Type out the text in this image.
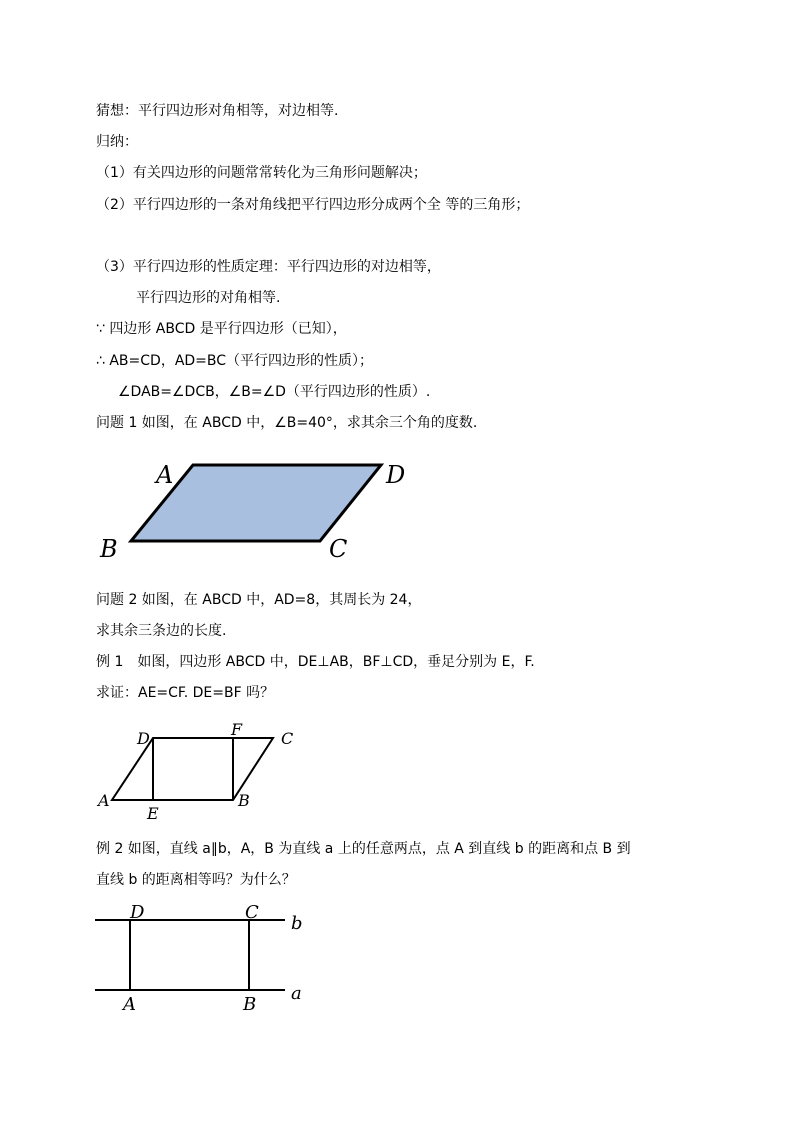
猜想：平行四边形对角相等，对边相等.
归纳：
（1）有关四边形的问题常常转化为三角形问题解决；
（2）平行四边形的一条对角线把平行四边形分成两个全 等的三角形；
（3）平行四边形的性质定理：平行四边形的对边相等，
平行四边形的对角相等.
∵ 四边形 ABCD 是平行四边形（已知），
∴ AB=CD，AD=BC（平行四边形的性质）；
∠DAB=∠DCB，∠B=∠D（平行四边形的性质）.
问题 1 如图，在 ABCD 中，∠B=40°，求其余三个角的度数.
A	D
B	C
问题 2 如图，在 ABCD 中，AD=8，其周长为 24，
求其余三条边的长度.
例 1　如图，四边形 ABCD 中，DE⊥AB，BF⊥CD，垂足分别为 E，F.
求证：AE=CF. DE=BF 吗？
D	F C
A
E
B
例 2 如图，直线 a∥b，A，B 为直线 a 上的任意两点，点 A 到直线 b 的距离和点 B 到
直线 b 的距离相等吗？为什么？
D	C
b
A	B
a
